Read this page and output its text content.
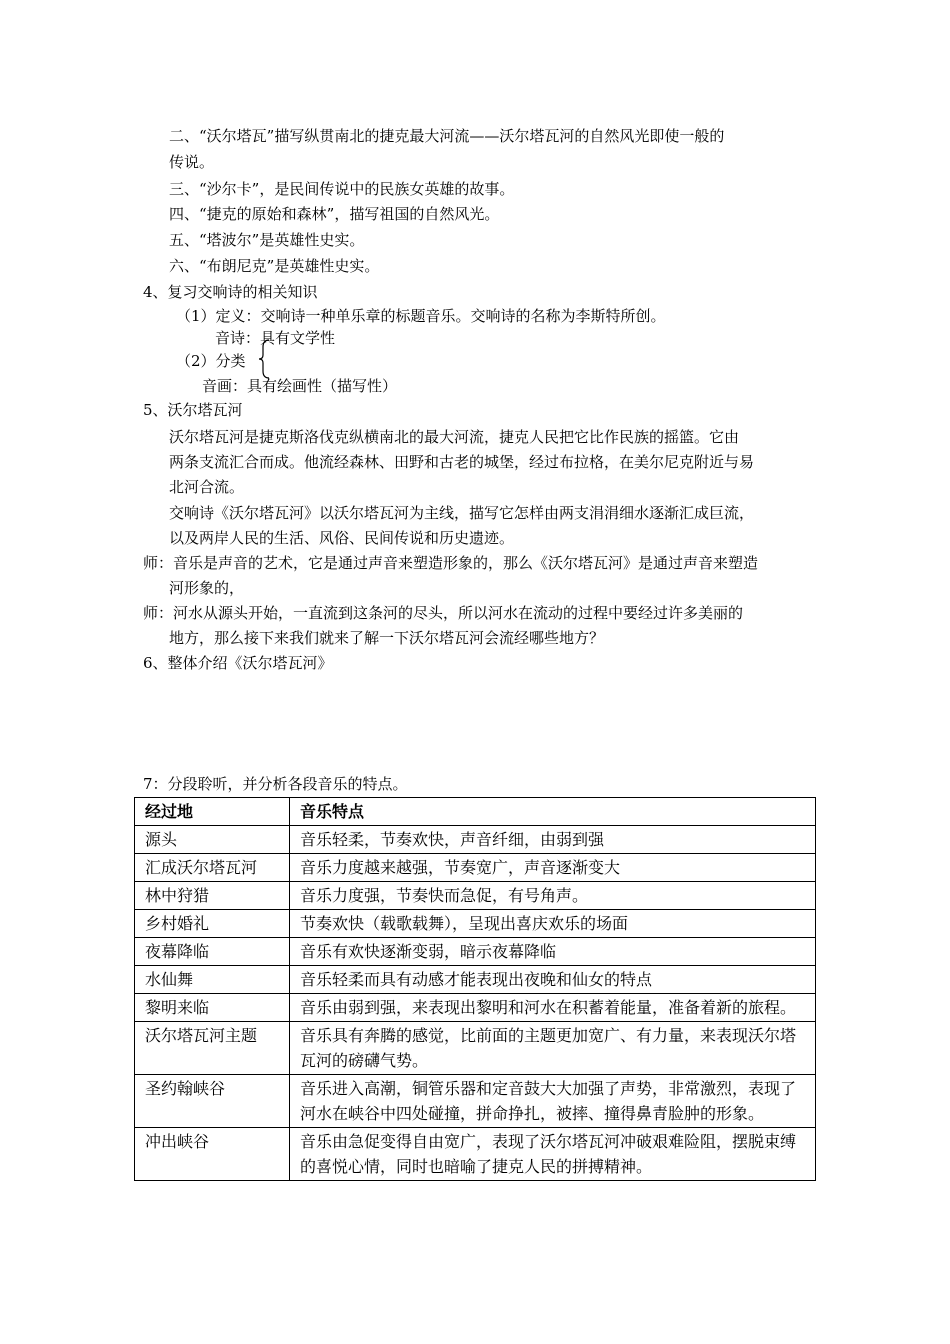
二、“沃尔塔瓦”描写纵贯南北的捷克最大河流——沃尔塔瓦河的自然风光即使一般的
传说。
三、“沙尔卡”，是民间传说中的民族女英雄的故事。
四、“捷克的原始和森林”，描写祖国的自然风光。
五、“塔波尔”是英雄性史实。
六、“布朗尼克”是英雄性史实。
4、复习交响诗的相关知识
（1）定义：交响诗一种单乐章的标题音乐。交响诗的名称为李斯特所创。
音诗：具有文学性
（2）分类
音画：具有绘画性（描写性）
5、沃尔塔瓦河
沃尔塔瓦河是捷克斯洛伐克纵横南北的最大河流，捷克人民把它比作民族的摇篮。它由
两条支流汇合而成。他流经森林、田野和古老的城堡，经过布拉格，在美尔尼克附近与易
北河合流。
交响诗《沃尔塔瓦河》以沃尔塔瓦河为主线，描写它怎样由两支涓涓细水逐渐汇成巨流，
以及两岸人民的生活、风俗、民间传说和历史遗迹。
师：音乐是声音的艺术，它是通过声音来塑造形象的，那么《沃尔塔瓦河》是通过声音来塑造
河形象的，
师：河水从源头开始，一直流到这条河的尽头，所以河水在流动的过程中要经过许多美丽的
地方，那么接下来我们就来了解一下沃尔塔瓦河会流经哪些地方？
6、整体介绍《沃尔塔瓦河》
7：分段聆听，并分析各段音乐的特点。
经过地	音乐特点
源头	音乐轻柔，节奏欢快，声音纤细，由弱到强
汇成沃尔塔瓦河	音乐力度越来越强，节奏宽广，声音逐渐变大
林中狩猎	音乐力度强，节奏快而急促，有号角声。
乡村婚礼	节奏欢快（载歌载舞），呈现出喜庆欢乐的场面
夜幕降临	音乐有欢快逐渐变弱，暗示夜幕降临
水仙舞	音乐轻柔而具有动感才能表现出夜晚和仙女的特点
黎明来临	音乐由弱到强，来表现出黎明和河水在积蓄着能量，准备着新的旅程。
沃尔塔瓦河主题	音乐具有奔腾的感觉，比前面的主题更加宽广、有力量，来表现沃尔塔瓦河的磅礴气势。
圣约翰峡谷	音乐进入高潮，铜管乐器和定音鼓大大加强了声势，非常激烈，表现了河水在峡谷中四处碰撞，拼命挣扎，被摔、撞得鼻青脸肿的形象。
冲出峡谷	音乐由急促变得自由宽广，表现了沃尔塔瓦河冲破艰难险阻，摆脱束缚的喜悦心情，同时也暗喻了捷克人民的拼搏精神。
